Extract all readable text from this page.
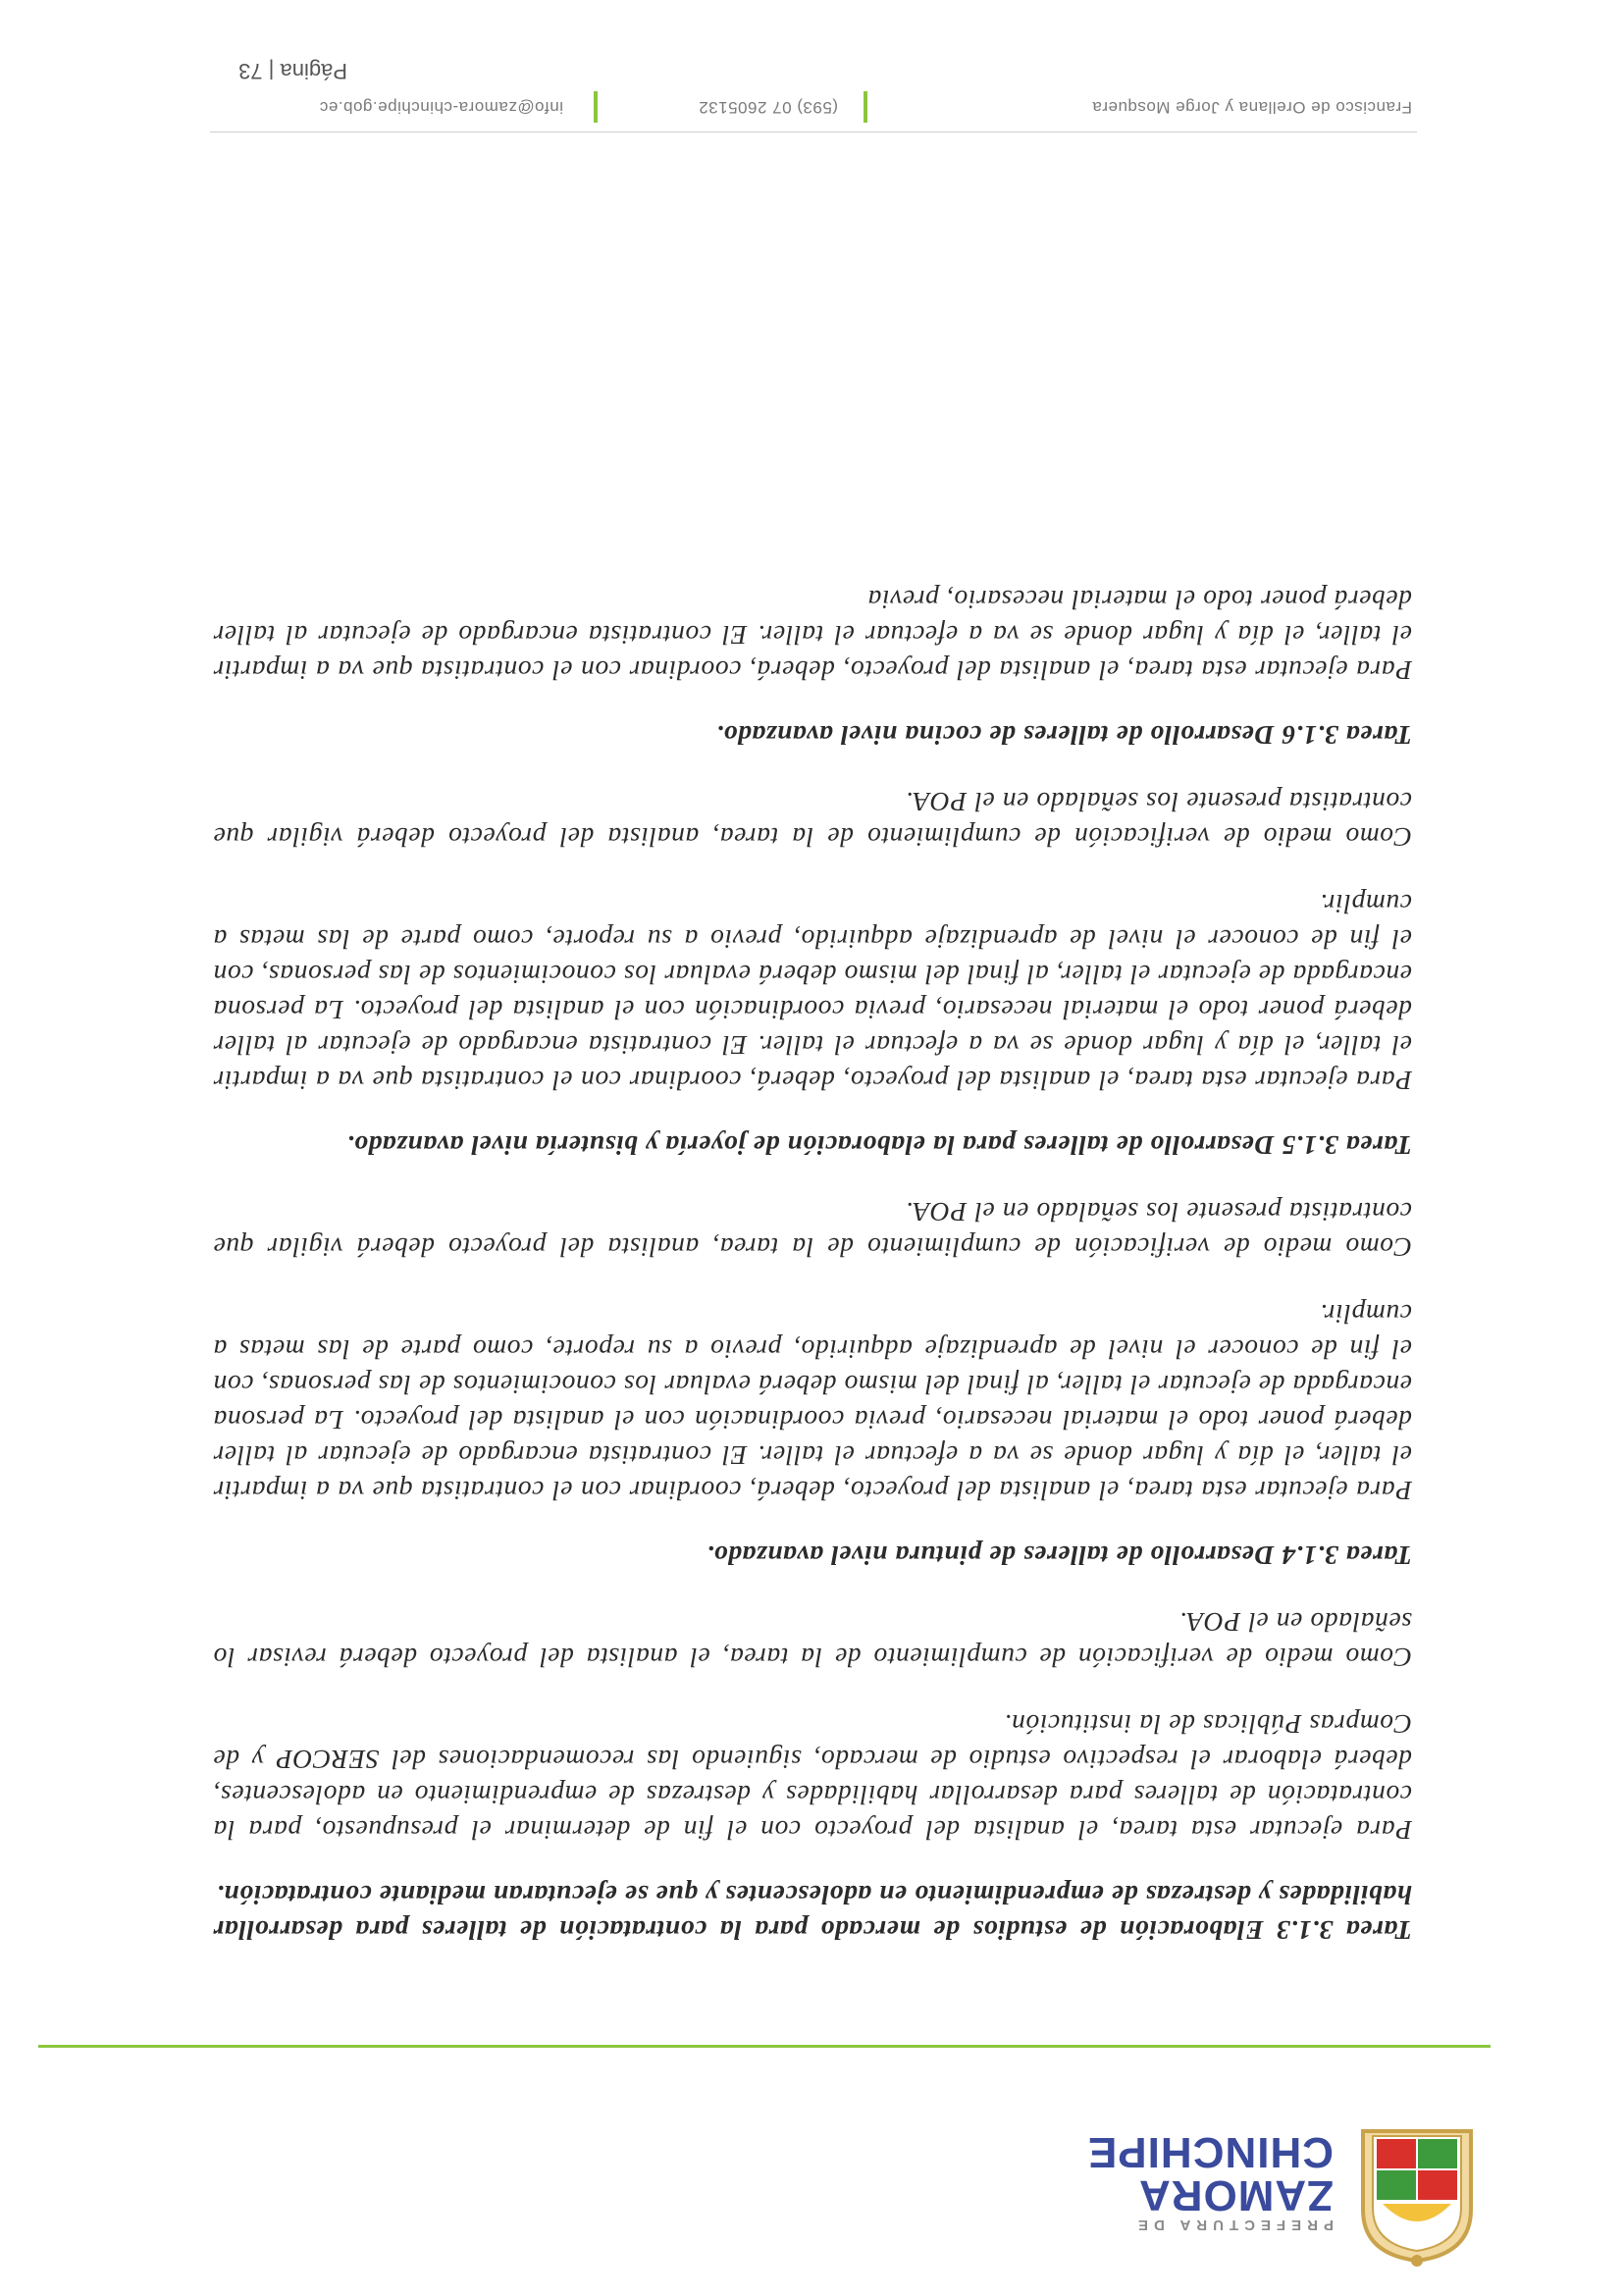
PREFECTURA DE
ZAMORA
CHINCHIPE

Tarea 3.1.3 Elaboración de estudios de mercado para la contratación de talleres para desarrollar habilidades y destrezas de emprendimiento en adolescentes y que se ejecutaran mediante contratación.

Para ejecutar esta tarea, el analista del proyecto con el fin de determinar el presupuesto, para la contratación de talleres para desarrollar habilidades y destrezas de emprendimiento en adolescentes, deberá elaborar el respectivo estudio de mercado, siguiendo las recomendaciones del SERCOP y de Compras Públicas de la institución.

Como medio de verificación de cumplimiento de la tarea, el analista del proyecto deberá revisar lo señalado en el POA.

Tarea 3.1.4 Desarrollo de talleres de pintura nivel avanzado.

Para ejecutar esta tarea, el analista del proyecto, deberá, coordinar con el contratista que va a impartir el taller, el día y lugar donde se va a efectuar el taller. El contratista encargado de ejecutar al taller deberá poner todo el material necesario, previa coordinación con el analista del proyecto. La persona encargada de ejecutar el taller, al final del mismo deberá evaluar los conocimientos de las personas, con el fin de conocer el nivel de aprendizaje adquirido, previo a su reporte, como parte de las metas a cumplir.

Como medio de verificación de cumplimiento de la tarea, analista del proyecto deberá vigilar que contratista presente los señalado en el POA.

Tarea 3.1.5 Desarrollo de talleres para la elaboración de joyería y bisutería nivel avanzado.

Para ejecutar esta tarea, el analista del proyecto, deberá, coordinar con el contratista que va a impartir el taller, el día y lugar donde se va a efectuar el taller. El contratista encargado de ejecutar al taller deberá poner todo el material necesario, previa coordinación con el analista del proyecto. La persona encargada de ejecutar el taller, al final del mismo deberá evaluar los conocimientos de las personas, con el fin de conocer el nivel de aprendizaje adquirido, previo a su reporte, como parte de las metas a cumplir.

Como medio de verificación de cumplimiento de la tarea, analista del proyecto deberá vigilar que contratista presente los señalado en el POA.

Tarea 3.1.6 Desarrollo de talleres de cocina nivel avanzado.

Para ejecutar esta tarea, el analista del proyecto, deberá, coordinar con el contratista que va a impartir el taller, el día y lugar donde se va a efectuar el taller. El contratista encargado de ejecutar al taller deberá poner todo el material necesario, previa

Francisco de Orellana y Jorge Mosquera
(593) 07 2605132
info@zamora-chinchipe.gob.ec
Página | 73
